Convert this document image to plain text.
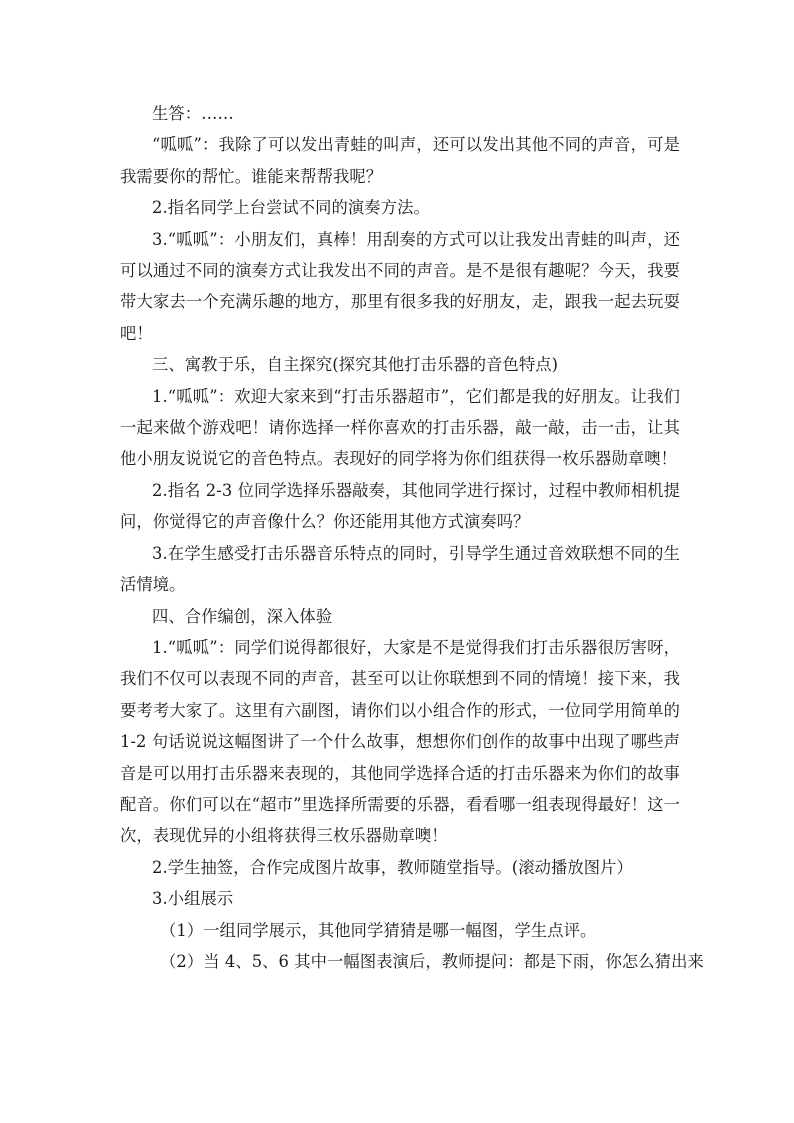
生答：……

“呱呱”：我除了可以发出青蛙的叫声，还可以发出其他不同的声音，可是我需要你的帮忙。谁能来帮帮我呢？

2.指名同学上台尝试不同的演奏方法。

3.“呱呱”：小朋友们，真棒！用刮奏的方式可以让我发出青蛙的叫声，还可以通过不同的演奏方式让我发出不同的声音。是不是很有趣呢？今天，我要带大家去一个充满乐趣的地方，那里有很多我的好朋友，走，跟我一起去玩耍吧！

三、寓教于乐，自主探究(探究其他打击乐器的音色特点)

1.“呱呱”：欢迎大家来到“打击乐器超市”，它们都是我的好朋友。让我们一起来做个游戏吧！请你选择一样你喜欢的打击乐器，敲一敲，击一击，让其他小朋友说说它的音色特点。表现好的同学将为你们组获得一枚乐器勋章噢！

2.指名 2-3 位同学选择乐器敲奏，其他同学进行探讨，过程中教师相机提问，你觉得它的声音像什么？你还能用其他方式演奏吗？

3.在学生感受打击乐器音乐特点的同时，引导学生通过音效联想不同的生活情境。

四、合作编创，深入体验

1.“呱呱”：同学们说得都很好，大家是不是觉得我们打击乐器很厉害呀，我们不仅可以表现不同的声音，甚至可以让你联想到不同的情境！接下来，我要考考大家了。这里有六副图，请你们以小组合作的形式，一位同学用简单的 1-2 句话说说这幅图讲了一个什么故事，想想你们创作的故事中出现了哪些声音是可以用打击乐器来表现的，其他同学选择合适的打击乐器来为你们的故事配音。你们可以在“超市”里选择所需要的乐器，看看哪一组表现得最好！这一次，表现优异的小组将获得三枚乐器勋章噢！

2.学生抽签，合作完成图片故事，教师随堂指导。(滚动播放图片）

3.小组展示

（1）一组同学展示，其他同学猜猜是哪一幅图，学生点评。

（2）当 4、5、6 其中一幅图表演后，教师提问：都是下雨，你怎么猜出来
